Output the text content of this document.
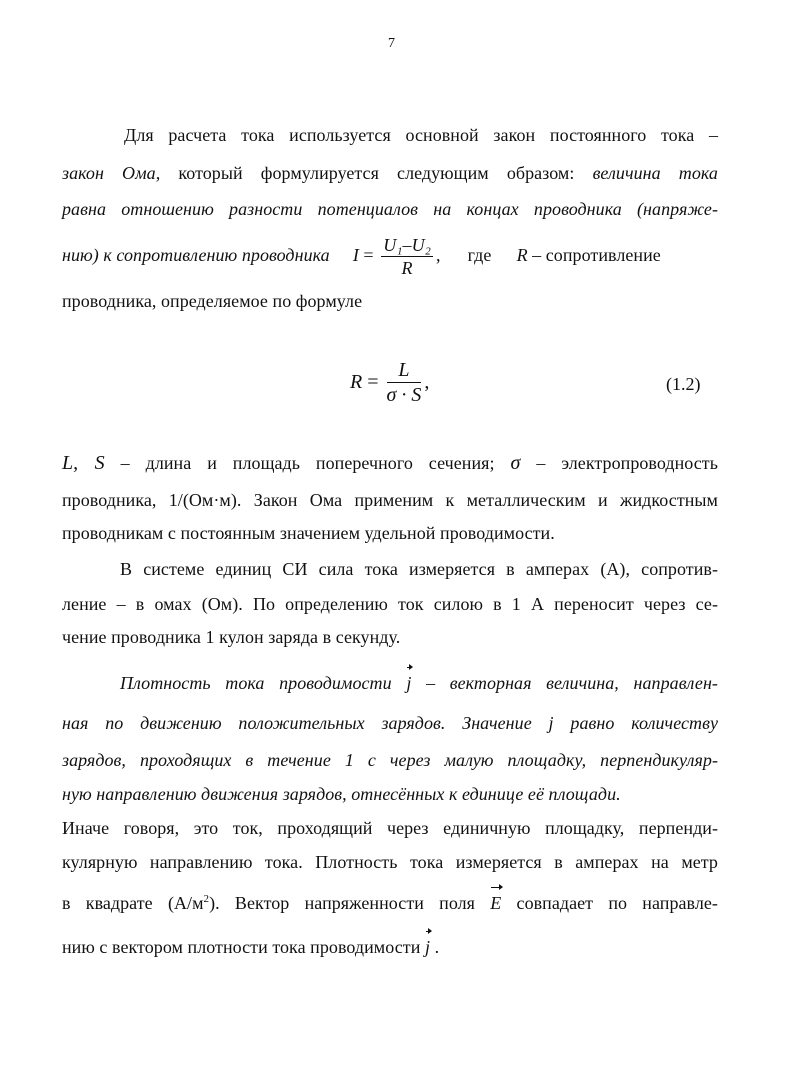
7
Для расчета тока используется основной закон постоянного тока –
закон Ома, который формулируется следующим образом: величина тока
равна отношению разности потенциалов на концах проводника (напряже-
нию) к сопротивлению проводника $I = \frac{\text{U₁–U₂}}{R}$ , где R – сопротивление
проводника, определяемое по формуле
$R = \frac{L}{\sigma \cdot S}$ ,	(1.2)
L, S – длина и площадь поперечного сечения; σ – электропроводность
проводника, 1/(Ом·м). Закон Ома применим к металлическим и жидкостным
проводникам с постоянным значением удельной проводимости.
В системе единиц СИ сила тока измеряется в амперах (А), сопротив-
ление – в омах (Ом). По определению ток силою в 1 А переносит через се-
чение проводника 1 кулон заряда в секунду.
Плотность тока проводимости j – векторная величина, направлен-
ная по движению положительных зарядов. Значение j равно количеству
зарядов, проходящих в течение 1 с через малую площадку, перпендикуляр-
ную направлению движения зарядов, отнесённых к единице её площади.
Иначе говоря, это ток, проходящий через единичную площадку, перпенди-
кулярную направлению тока. Плотность тока измеряется в амперах на метр
в квадрате $(А/м^2)$. Вектор напряженности поля E совпадает по направле-
нию с вектором плотности тока проводимости j .
